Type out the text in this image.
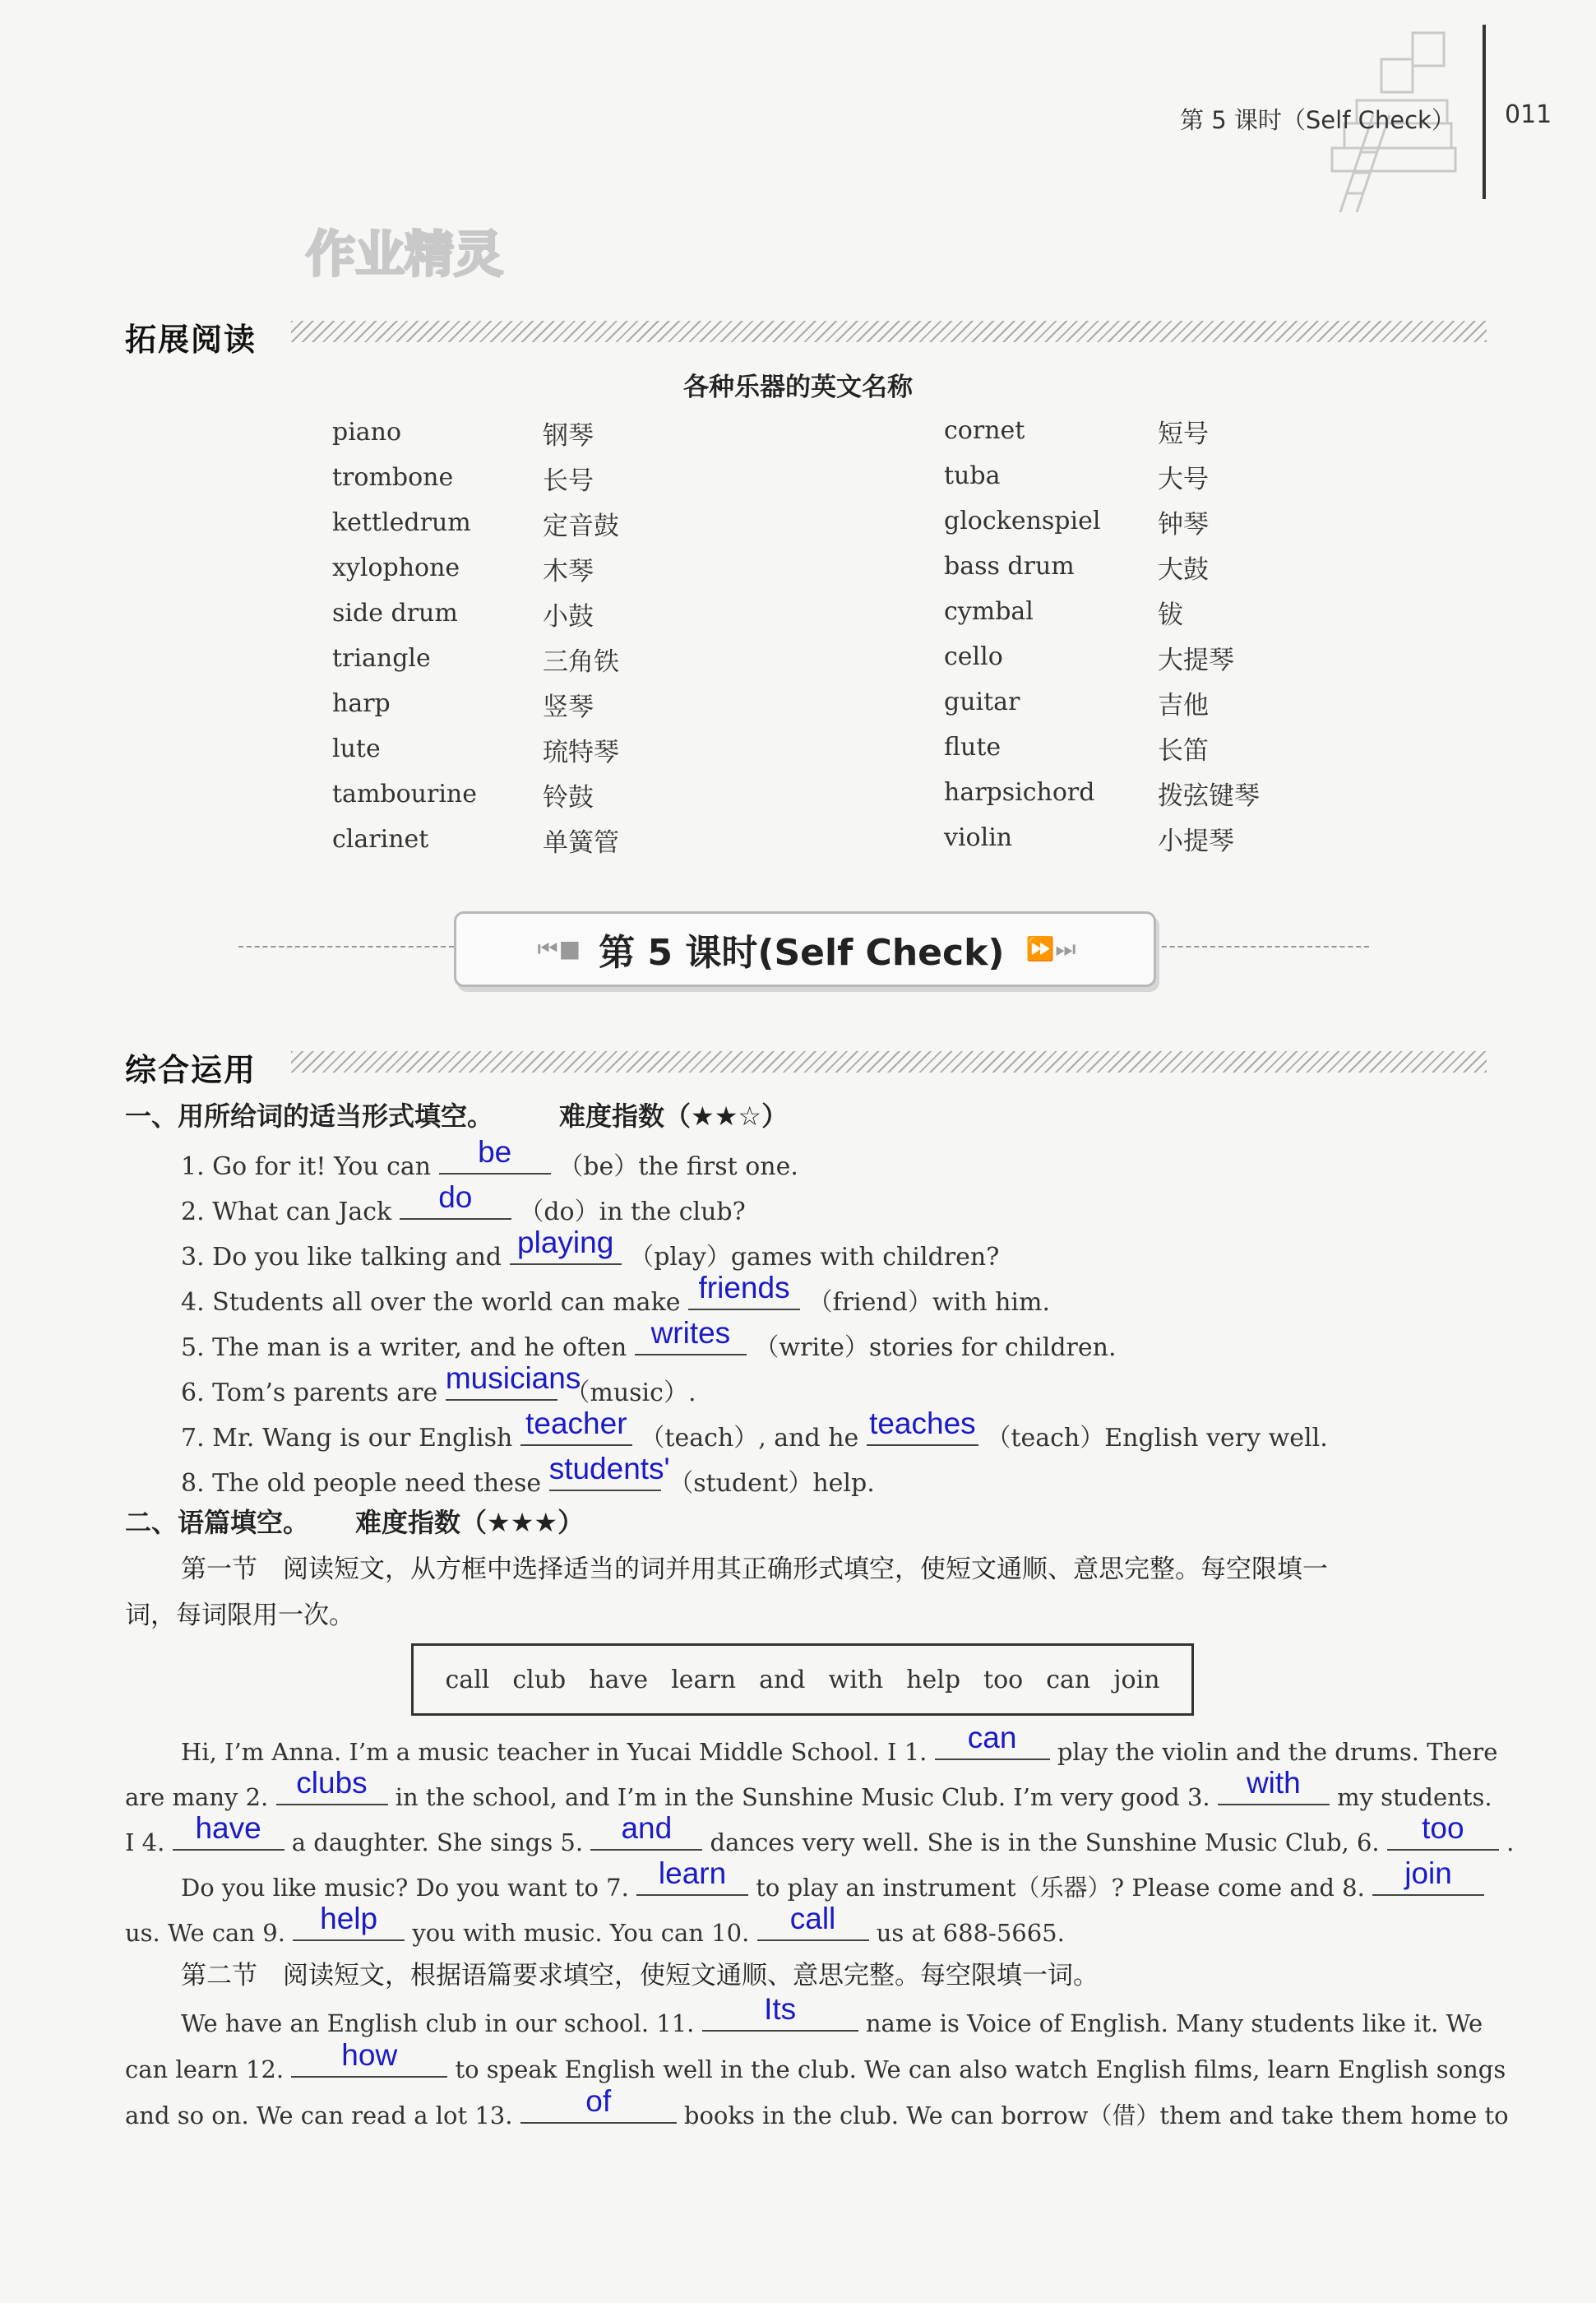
第 5 课时（Self Check） 011
作业精灵
拓展阅读
各种乐器的英文名称
piano	钢琴
trombone	长号
kettledrum	定音鼓
xylophone	木琴
side drum	小鼓
triangle	三角铁
harp	竖琴
lute	琉特琴
tambourine	铃鼓
clarinet	单簧管
cornet	短号
tuba	大号
glockenspiel 钟琴
bass drum	大鼓
cymbal	钹
cello	大提琴
guitar	吉他
flute	长笛
harpsichord 拨弦键琴
violin	小提琴
⏮ ■ 第 5 课时(Self Check) ⏩ ⏭
综合运用
一、用所给词的适当形式填空。	难度指数（★★☆）
1. Go for it! You can	be	（be）the first one.
2. What can Jack	do	（do）in the club?
3. Do you like talking and playing （play）games with children?
4. Students all over the world can make friends （friend）with him.
5. The man is a writer, and he often writes （write）stories for children.
6. Tom’s parents are musicians
（music）.
7. Mr. Wang is our English teacher （teach）, and he teaches （teach）English very well.
8. The old people need these students'
（student）help.
二、语篇填空。 难度指数（★★★）
第一节　阅读短文，从方框中选择适当的词并用其正确形式填空，使短文通顺、意思完整。每空限填一
词，每词限用一次。
call club have learn and with help too can join
Hi, I’m Anna. I’m a music teacher in Yucai Middle School. I 1.	can	play the violin and the drums. There
are many 2. clubs	in the school, and I’m in the Sunshine Music Club. I’m very good 3.	with	my students.
I 4.	have	a daughter. She sings 5.	and	dances very well. She is in the Sunshine Music Club, 6.	too	.
Do you like music? Do you want to 7. learn	to play an instrument（乐器）? Please come and 8.	join
us. We can 9.	help	you with music. You can 10.	call	us at 688-5665.
第二节　阅读短文，根据语篇要求填空，使短文通顺、意思完整。每空限填一词。
We have an English club in our school. 11.	Its	name is Voice of English. Many students like it. We
can learn 12.	how	to speak English well in the club. We can also watch English films, learn English songs
and so on. We can read a lot 13.	of	books in the club. We can borrow（借）them and take them home to
